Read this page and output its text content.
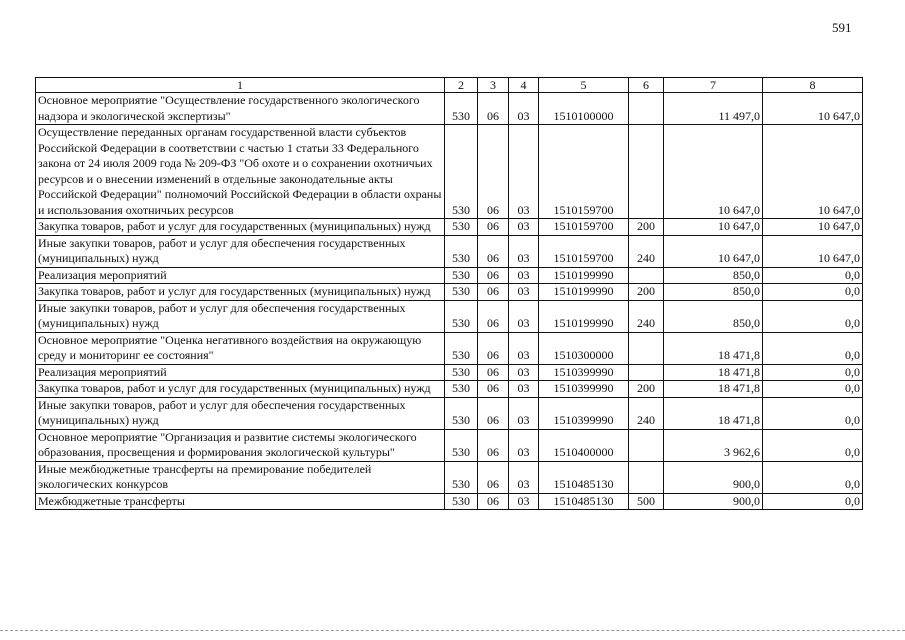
591
1	2	3	4	5	6	7	8
Основное мероприятие "Осуществление государственного экологического надзора и экологической экспертизы"	530	06	03	1510100000		11 497,0	10 647,0
Осуществление переданных органам государственной власти субъектов Российской Федерации в соответствии с частью 1 статьи 33 Федерального закона от 24 июля 2009 года № 209-ФЗ "Об охоте и о сохранении охотничьих ресурсов и о внесении изменений в отдельные законодательные акты Российской Федерации" полномочий Российской Федерации в области охраны и использования охотничьих ресурсов	530	06	03	1510159700		10 647,0	10 647,0
Закупка товаров, работ и услуг для государственных (муниципальных) нужд	530	06	03	1510159700	200	10 647,0	10 647,0
Иные закупки товаров, работ и услуг для обеспечения государственных (муниципальных) нужд	530	06	03	1510159700	240	10 647,0	10 647,0
Реализация мероприятий	530	06	03	1510199990		850,0	0,0
Закупка товаров, работ и услуг для государственных (муниципальных) нужд	530	06	03	1510199990	200	850,0	0,0
Иные закупки товаров, работ и услуг для обеспечения государственных (муниципальных) нужд	530	06	03	1510199990	240	850,0	0,0
Основное мероприятие "Оценка негативного воздействия на окружающую среду и мониторинг ее состояния"	530	06	03	1510300000		18 471,8	0,0
Реализация мероприятий	530	06	03	1510399990		18 471,8	0,0
Закупка товаров, работ и услуг для государственных (муниципальных) нужд	530	06	03	1510399990	200	18 471,8	0,0
Иные закупки товаров, работ и услуг для обеспечения государственных (муниципальных) нужд	530	06	03	1510399990	240	18 471,8	0,0
Основное мероприятие "Организация и развитие системы экологического образования, просвещения и формирования экологической культуры"	530	06	03	1510400000		3 962,6	0,0
Иные межбюджетные трансферты на премирование победителей экологических конкурсов	530	06	03	1510485130		900,0	0,0
Межбюджетные трансферты	530	06	03	1510485130	500	900,0	0,0
